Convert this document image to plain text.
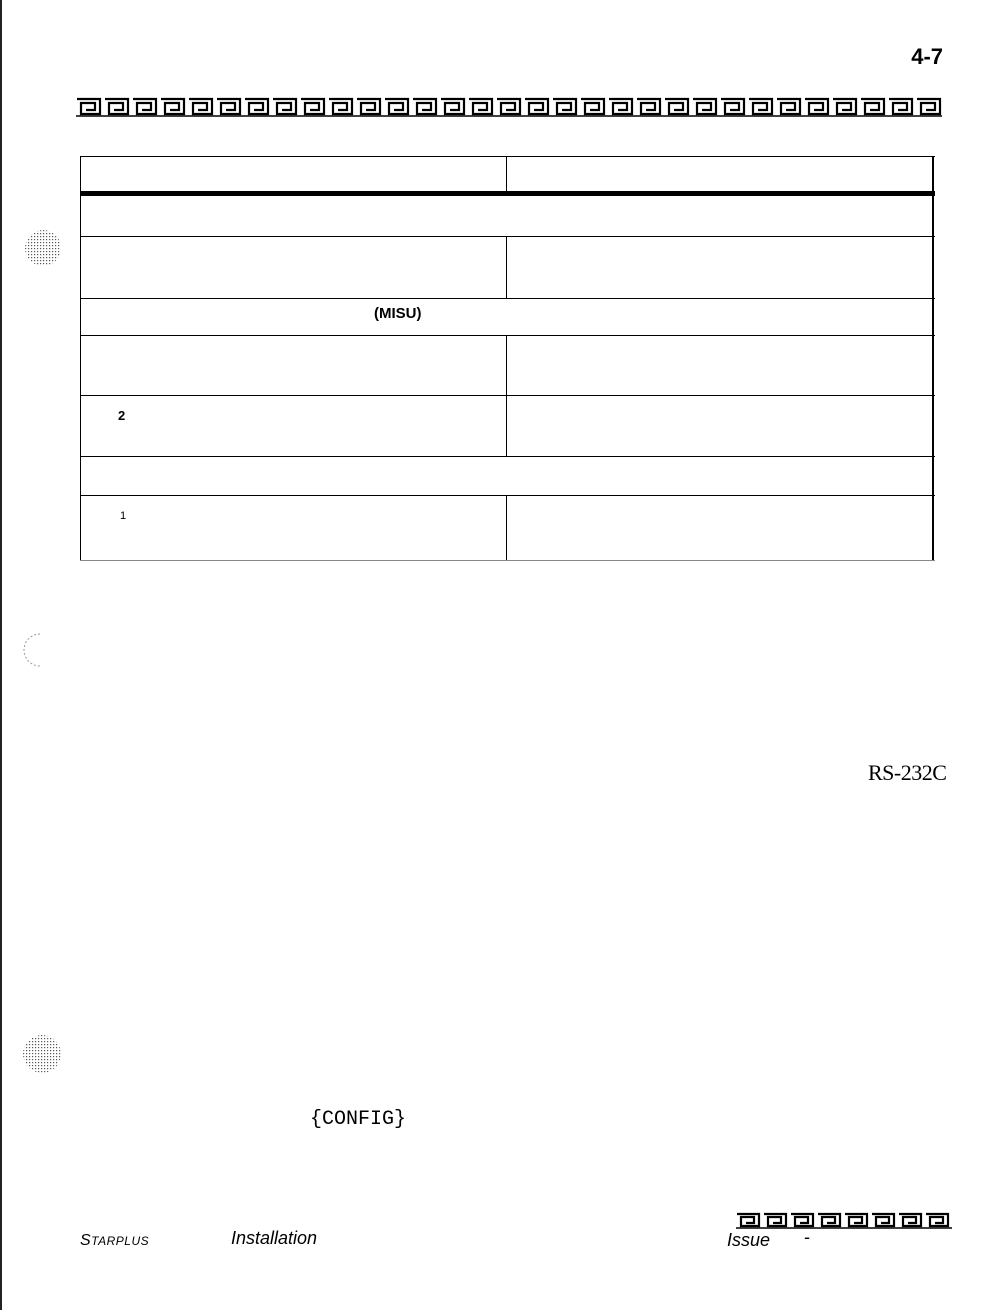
4-7
(MISU)
2
1
RS-232C
{CONFIG}
STARPLUS	Installation	Issue -
